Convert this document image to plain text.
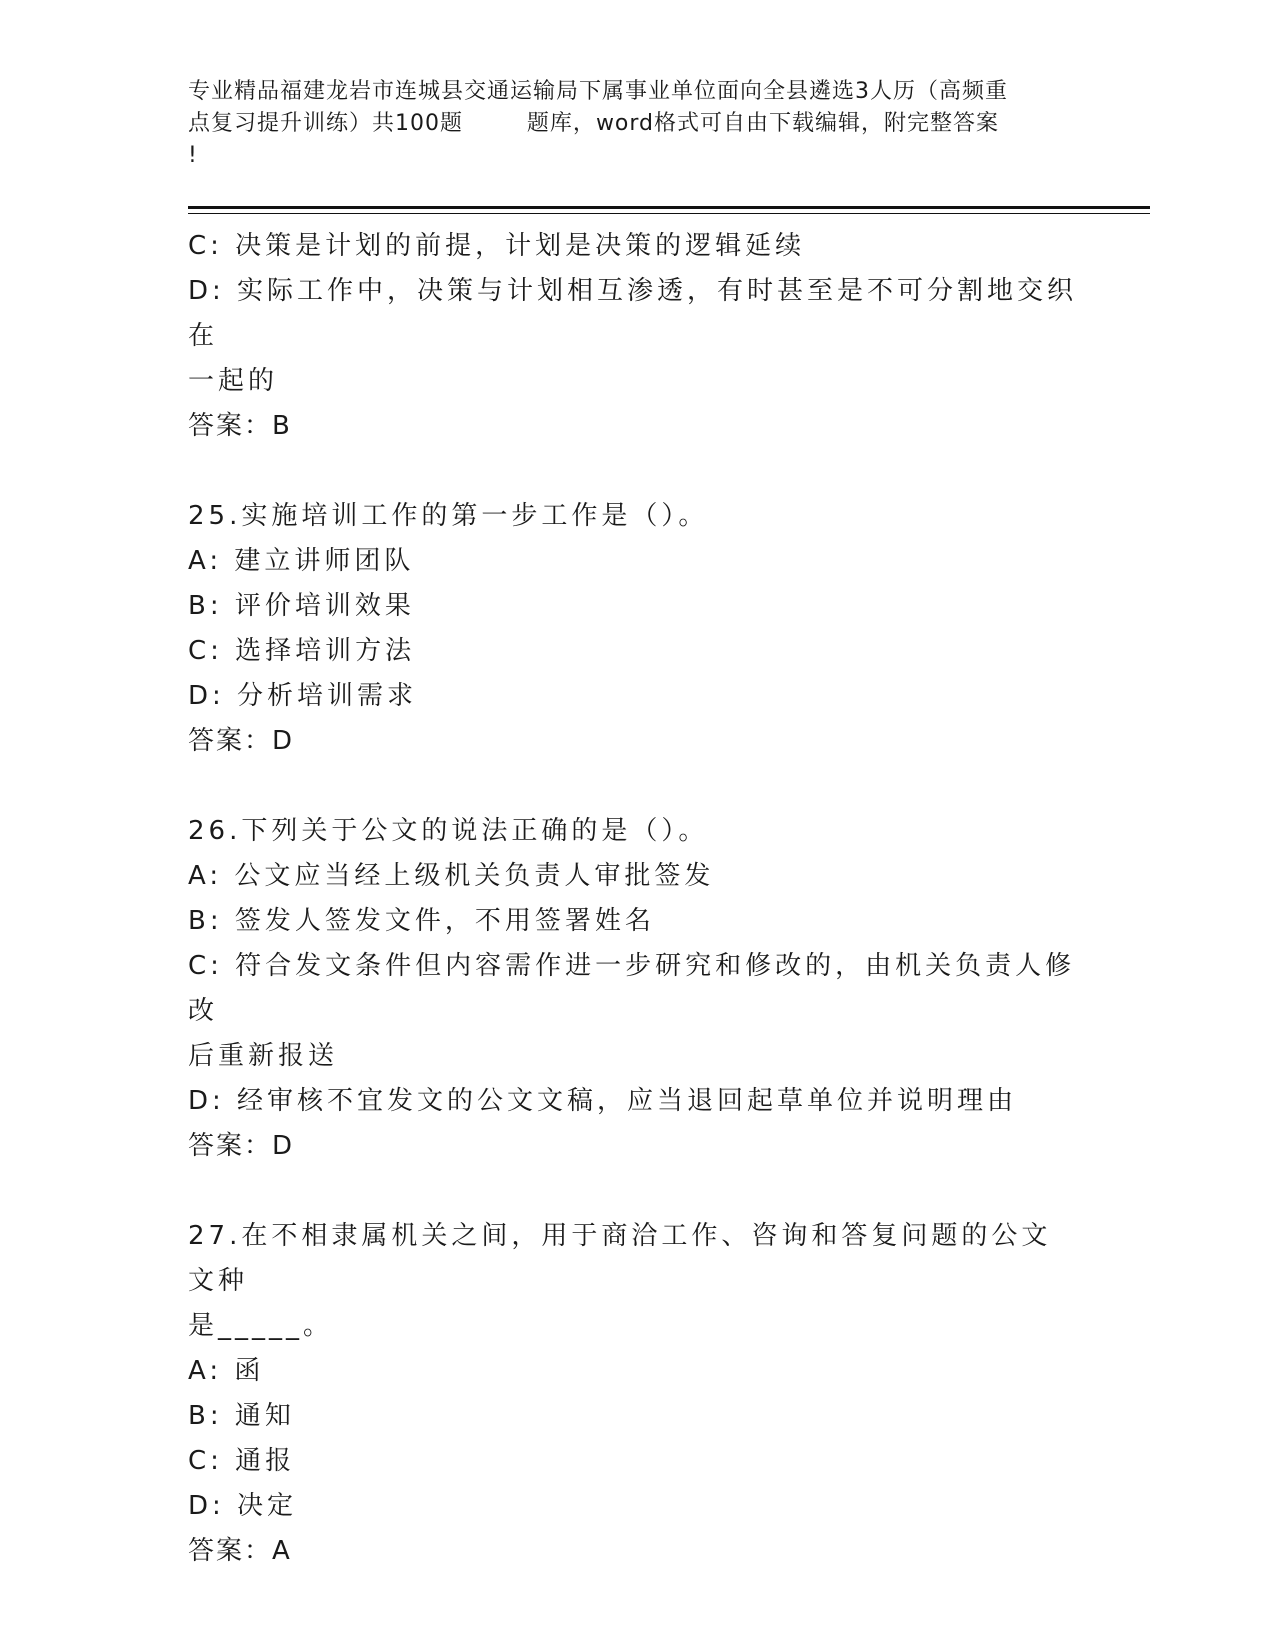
专业精品福建龙岩市连城县交通运输局下属事业单位面向全县遴选3人历（高频重
点复习提升训练）共100题        题库，word格式可自由下载编辑，附完整答案
!
C: 决策是计划的前提，计划是决策的逻辑延续
D: 实际工作中，决策与计划相互渗透，有时甚至是不可分割地交织在
一起的
答案：B
25.实施培训工作的第一步工作是（）。
A: 建立讲师团队
B: 评价培训效果
C: 选择培训方法
D: 分析培训需求
答案：D
26.下列关于公文的说法正确的是（）。
A: 公文应当经上级机关负责人审批签发
B: 签发人签发文件，不用签署姓名
C: 符合发文条件但内容需作进一步研究和修改的，由机关负责人修改
后重新报送
D: 经审核不宜发文的公文文稿，应当退回起草单位并说明理由
答案：D
27.在不相隶属机关之间，用于商洽工作、咨询和答复问题的公文文种
是_____。
A: 函
B: 通知
C: 通报
D: 决定
答案：A
